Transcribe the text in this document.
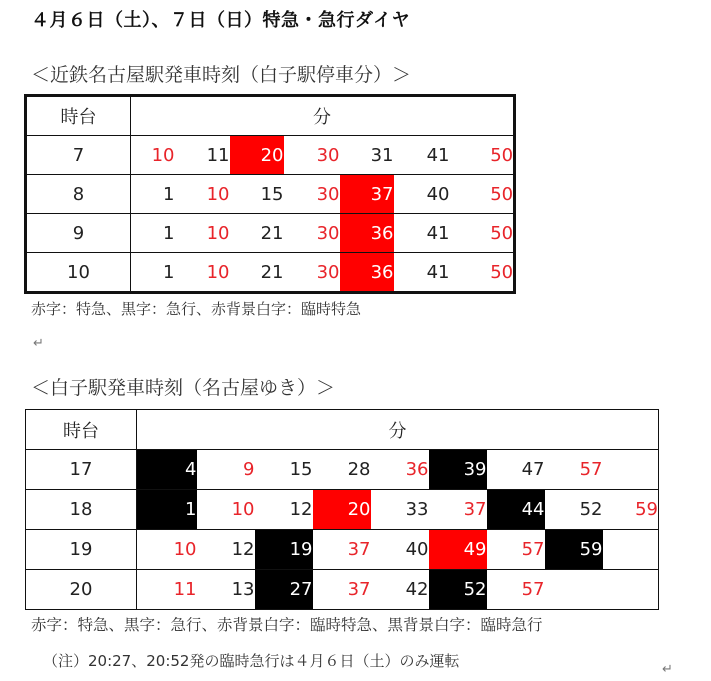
４月６日（土）、７日（日）特急・急行ダイヤ
＜近鉄名古屋駅発車時刻（白子駅停車分）＞
時台	分						
7	10	11	20	30	31	41	50
8	1	10	15	30	37	40	50
9	1	10	21	30	36	41	50
10	1	10	21	30	36	41	50
赤字：特急、黒字：急行、赤背景白字：臨時特急
↵
＜白子駅発車時刻（名古屋ゆき）＞
時台	分								
17	4	9	15	28	36	39	47	57	
18	1	10	12	20	33	37	44	52	59
19	10	12	19	37	40	49	57	59	
20	11	13	27	37	42	52	57		
赤字：特急、黒字：急行、赤背景白字：臨時特急、黒背景白字：臨時急行
（注）20:27、20:52発の臨時急行は４月６日（土）のみ運転	↵
